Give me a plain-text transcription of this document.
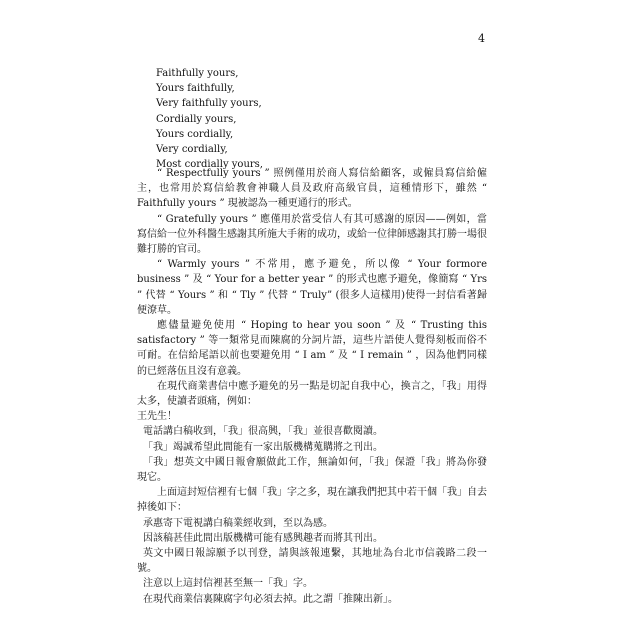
4
Faithfully yours,
Yours faithfully,
Very faithfully yours,
Cordially yours,
Yours cordially,
Very cordially,
Most cordially yours,

“ Respectfully yours ” 照例僅用於商人寫信給顧客，或僱員寫信給僱主，也常用於寫信給教會神職人員及政府高級官員，這種情形下，雖然 “ Faithfully yours ” 現被認為一種更通行的形式。

“ Gratefully yours ” 應僅用於當受信人有其可感謝的原因——例如，當寫信給一位外科醫生感謝其所施大手術的成功，或給一位律師感謝其打勝一場很難打勝的官司。

“ Warmly yours ” 不常用，應予避免，所以像 “ Your formore business ” 及 “ Your for a better year ” 的形式也應予避免，像簡寫 “ Yrs ” 代替 “ Yours ” 和 “ Tly ” 代替 “ Truly” (很多人這樣用)使得一封信看著歸便潦草。

應儘量避免使用 “ Hoping to hear you soon ” 及 “ Trusting this satisfactory ” 等一類常見而陳腐的分詞片語，這些片語使人覺得刻板而俗不可耐。在信給尾語以前也要避免用 “ I am ” 及 “ I remain ” ，因為他們同樣的已經落伍且沒有意義。

在現代商業書信中應予避免的另一點是切記自我中心，換言之，「我」用得太多，使讀者頭痛，例如：

王先生！

電話講白稿收到，「我」很高興，「我」並很喜歡閱讀。

「我」竭誠希望此間能有一家出版機構蒐購將之刊出。

「我」想英文中國日報會願做此工作，無論如何，「我」保證「我」將為你發現它。

上面這封短信裡有七個「我」字之多，現在讓我們把其中若干個「我」自去掉後如下：

承惠寄下電視講白稿業經收到，至以為感。

因該稿甚佳此間出版機構可能有感興趣者而將其刊出。

英文中國日報諒願予以刊登，請與該報連繫，其地址為台北市信義路二段一號。

注意以上這封信裡甚至無一「我」字。

在現代商業信裏陳腐字句必須去掉。此之謂「推陳出新」。
